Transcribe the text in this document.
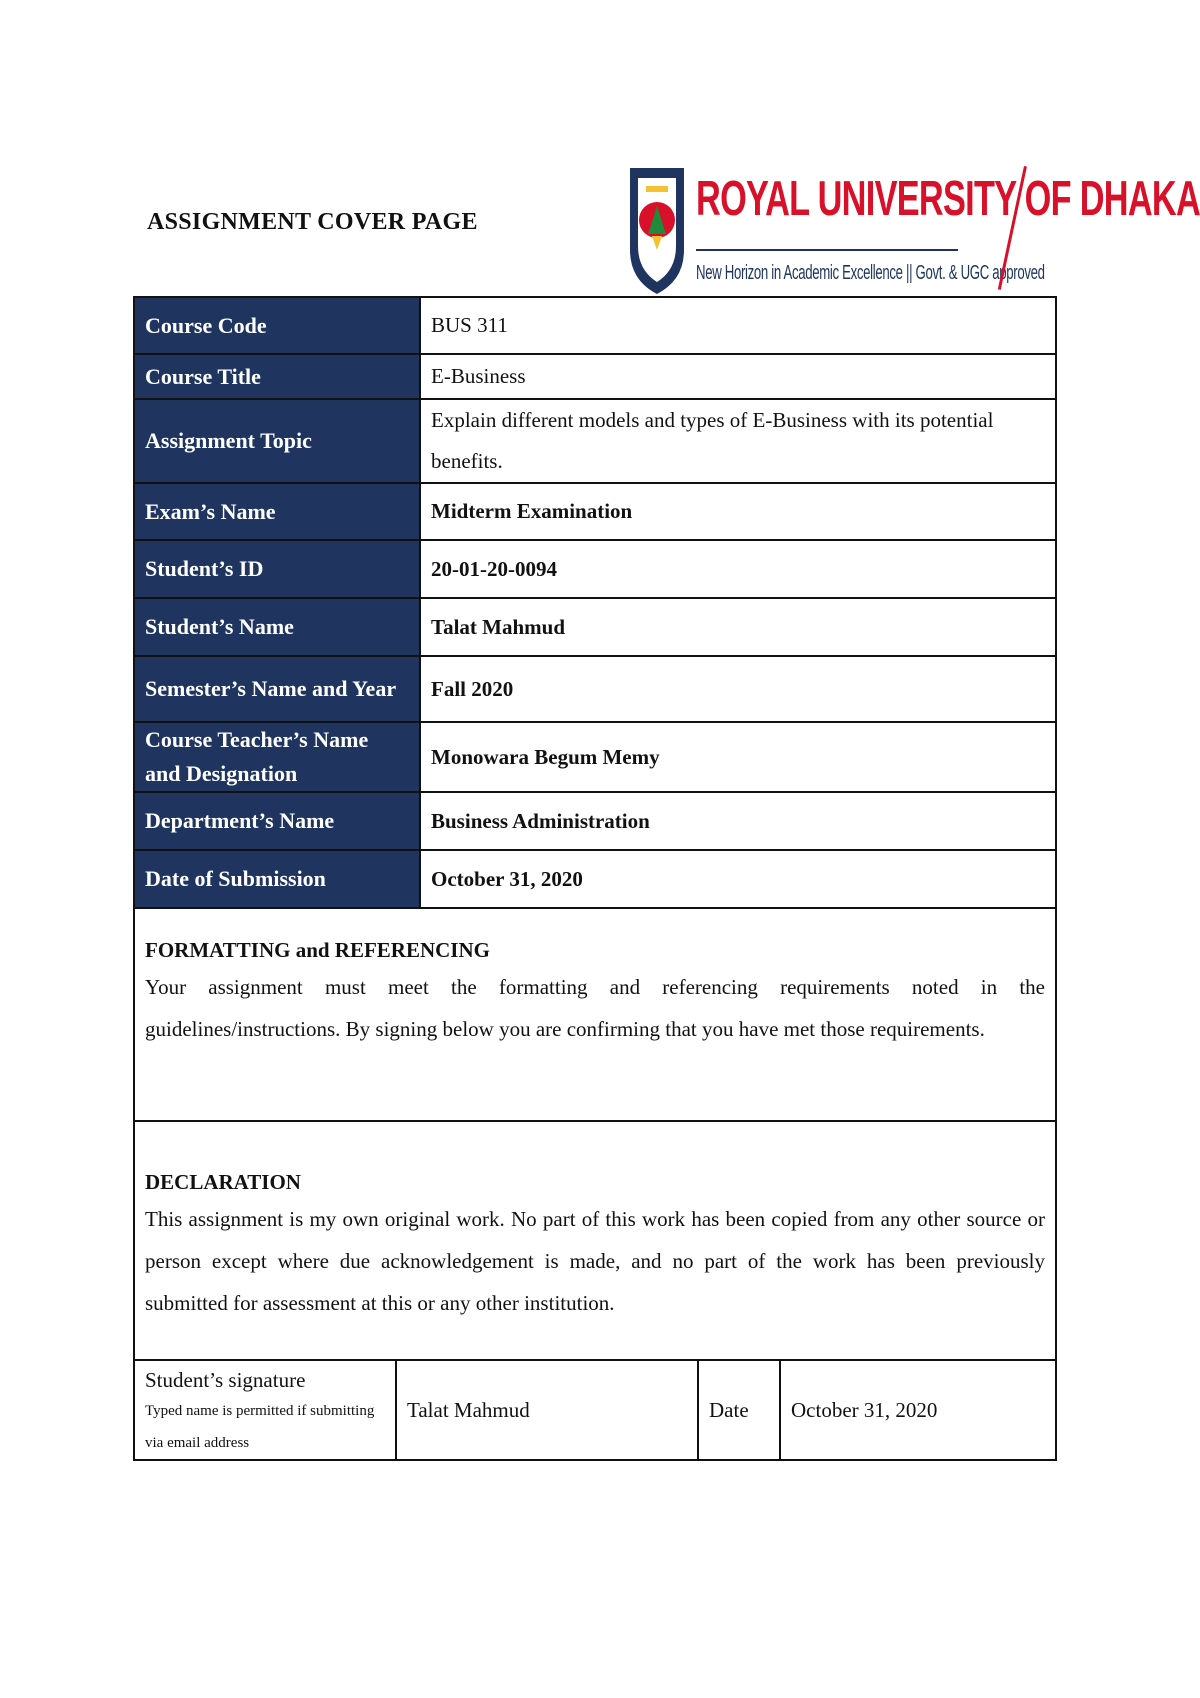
ASSIGNMENT COVER PAGE	ROYAL UNIVERSITY OF DHAKA
New Horizon in Academic Excellence || Govt. & UGC approved
Course Code	BUS 311
Course Title	E-Business
Assignment Topic	Explain different models and types of E-Business with its potential benefits.
Exam’s Name	Midterm Examination
Student’s ID	20-01-20-0094
Student’s Name	Talat Mahmud
Semester’s Name and Year	Fall 2020
Course Teacher’s Name and Designation	Monowara Begum Memy
Department’s Name	Business Administration
Date of Submission	October 31, 2020

FORMATTING and REFERENCING

Your assignment must meet the formatting and referencing requirements noted in the guidelines/instructions. By signing below you are confirming that you have met those requirements.

DECLARATION

This assignment is my own original work. No part of this work has been copied from any other source or person except where due acknowledgement is made, and no part of the work has been previously submitted for assessment at this or any other institution.

Student’s signature
Typed name is permitted if submitting via email address
	Talat Mahmud	Date	October 31, 2020
